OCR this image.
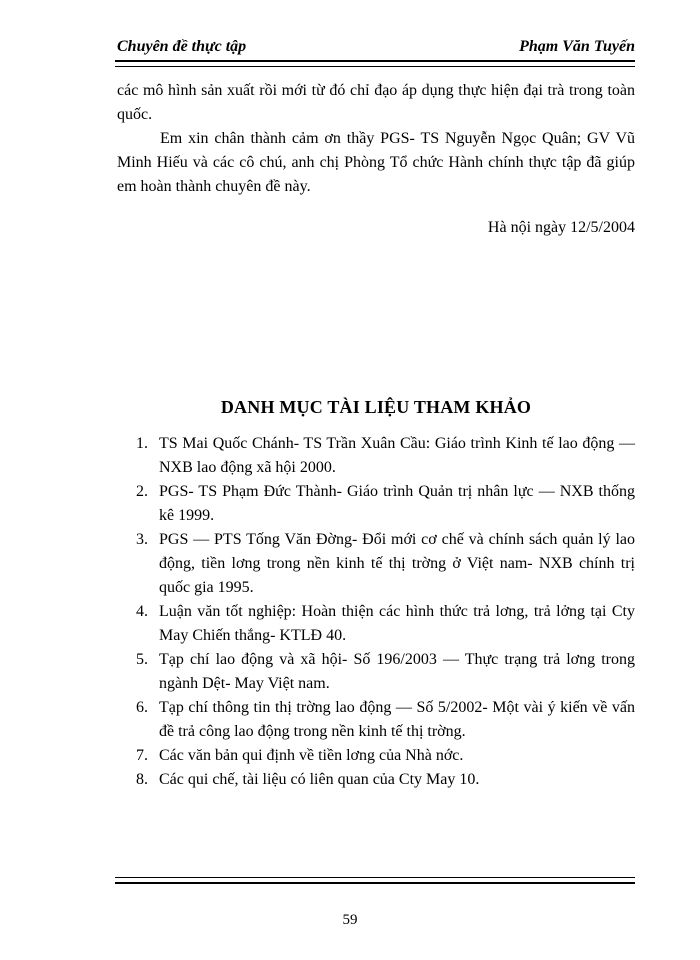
Chuyên đề thực tập	Phạm Văn Tuyến
các mô hình sản xuất rồi mới từ đó chỉ đạo áp dụng thực hiện đại trà trong toàn quốc.
Em xin chân thành cảm ơn thầy PGS- TS Nguyễn Ngọc Quân; GV Vũ Minh Hiếu và các cô chú, anh chị Phòng Tổ chức Hành chính thực tập đã giúp em hoàn thành chuyên đề này.
Hà nội ngày 12/5/2004
DANH MỤC TÀI LIỆU THAM KHẢO
1. TS Mai Quốc Chánh- TS Trần Xuân Cầu: Giáo trình Kinh tế lao động — NXB lao động xã hội 2000.
2. PGS- TS Phạm Đức Thành- Giáo trình Quản trị nhân lực — NXB thống kê 1999.
3. PGS — PTS Tống Văn Đờng- Đổi mới cơ chế và chính sách quản lý lao động, tiền lơng trong nền kinh tế thị trờng ở Việt nam- NXB chính trị quốc gia 1995.
4. Luận văn tốt nghiệp: Hoàn thiện các hình thức trả lơng, trả lởng tại Cty May Chiến thắng- KTLĐ 40.
5. Tạp chí lao động và xã hội- Số 196/2003 — Thực trạng trả lơng trong ngành Dệt- May Việt nam.
6. Tạp chí thông tin thị trờng lao động — Số 5/2002- Một vài ý kiến về vấn đề trả công lao động trong nền kinh tế thị trờng.
7. Các văn bản qui định về tiền lơng của Nhà nớc.
8. Các qui chế, tài liệu có liên quan của Cty May 10.
59
